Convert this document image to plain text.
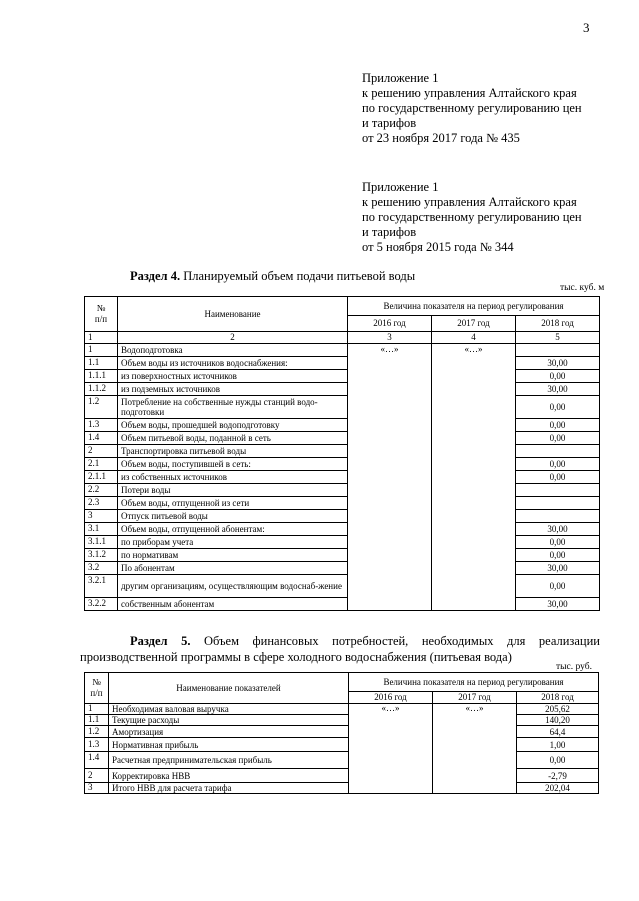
3
Приложение 1
к решению управления Алтайского края
по государственному регулированию цен
и тарифов
от 23 ноября 2017 года № 435
Приложение 1
к решению управления Алтайского края
по государственному регулированию цен
и тарифов
от 5 ноября 2015 года № 344
Раздел 4. Планируемый объем подачи питьевой воды
тыс. куб. м
№
п/п	Наименование	Величина показателя на период регулирования		
		2016 год	2017 год	2018 год
1	2	3	4	5
1	Водоподготовка	«…»	«…»	
1.1	Объем воды из источников водоснабжения:			30,00
1.1.1	из поверхностных источников			0,00
1.1.2	из подземных источников			30,00
1.2	Потребление на собственные нужды станций водо-подготовки			0,00
1.3	Объем воды, прошедшей водоподготовку			0,00
1.4	Объем питьевой воды, поданной в сеть			0,00
2	Транспортировка питьевой воды			
2.1	Объем воды, поступившей в сеть:			0,00
2.1.1	из собственных источников			0,00
2.2	Потери воды			
2.3	Объем воды, отпущенной из сети			
3	Отпуск питьевой воды			
3.1	Объем воды, отпущенной абонентам:			30,00
3.1.1	по приборам учета			0,00
3.1.2	по нормативам			0,00
3.2	По абонентам			30,00
3.2.1	другим организациям, осуществляющим водоснаб-жение			0,00
3.2.2	собственным абонентам			30,00
Раздел 5. Объем финансовых потребностей, необходимых для реализации производственной программы в сфере холодного водоснабжения (питьевая вода)
тыс. руб.
№
п/п	Наименование показателей	Величина показателя на период регулирования		
		2016 год	2017 год	2018 год
1	Необходимая валовая выручка	«…»	«…»	205,62
1.1	Текущие расходы			140,20
1.2	Амортизация			64,4
1.3	Нормативная прибыль			1,00
1.4	Расчетная предпринимательская прибыль			0,00
2	Корректировка НВВ			-2,79
3	Итого НВВ для расчета тарифа			202,04
